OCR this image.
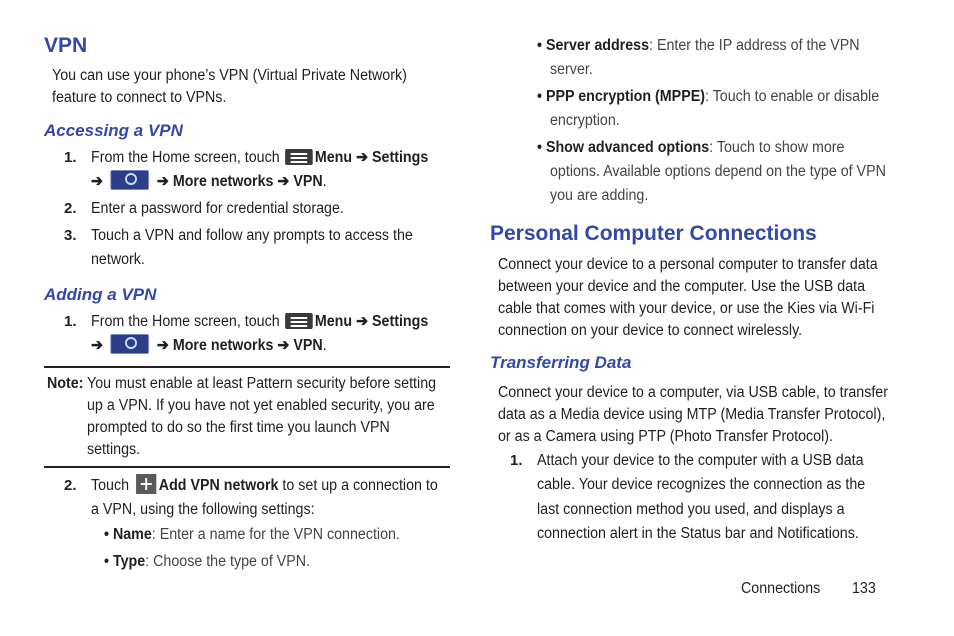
VPN
You can use your phone’s VPN (Virtual Private Network)
feature to connect to VPNs.
Accessing a VPN
1. From the Home screen, touch Menu ➔ Settings
➔	➔ More networks ➔ VPN.
2. Enter a password for credential storage.
3. Touch a VPN and follow any prompts to access the
network.
Adding a VPN
1. From the Home screen, touch Menu ➔ Settings
➔	➔ More networks ➔ VPN.
Note: You must enable at least Pattern security before setting
up a VPN. If you have not yet enabled security, you are
prompted to do so the first time you launch VPN
settings.
2. Touch Add VPN network to set up a connection to
a VPN, using the following settings:
• Name: Enter a name for the VPN connection.
• Type: Choose the type of VPN.
• Server address: Enter the IP address of the VPN
server.
• PPP encryption (MPPE): Touch to enable or disable
encryption.
• Show advanced options: Touch to show more
options. Available options depend on the type of VPN
you are adding.
Personal Computer Connections
Connect your device to a personal computer to transfer data
between your device and the computer. Use the USB data
cable that comes with your device, or use the Kies via Wi-Fi
connection on your device to connect wirelessly.
Transferring Data
Connect your device to a computer, via USB cable, to transfer
data as a Media device using MTP (Media Transfer Protocol),
or as a Camera using PTP (Photo Transfer Protocol).
1. Attach your device to the computer with a USB data
cable. Your device recognizes the connection as the
last connection method you used, and displays a
connection alert in the Status bar and Notifications.
Connections 133
